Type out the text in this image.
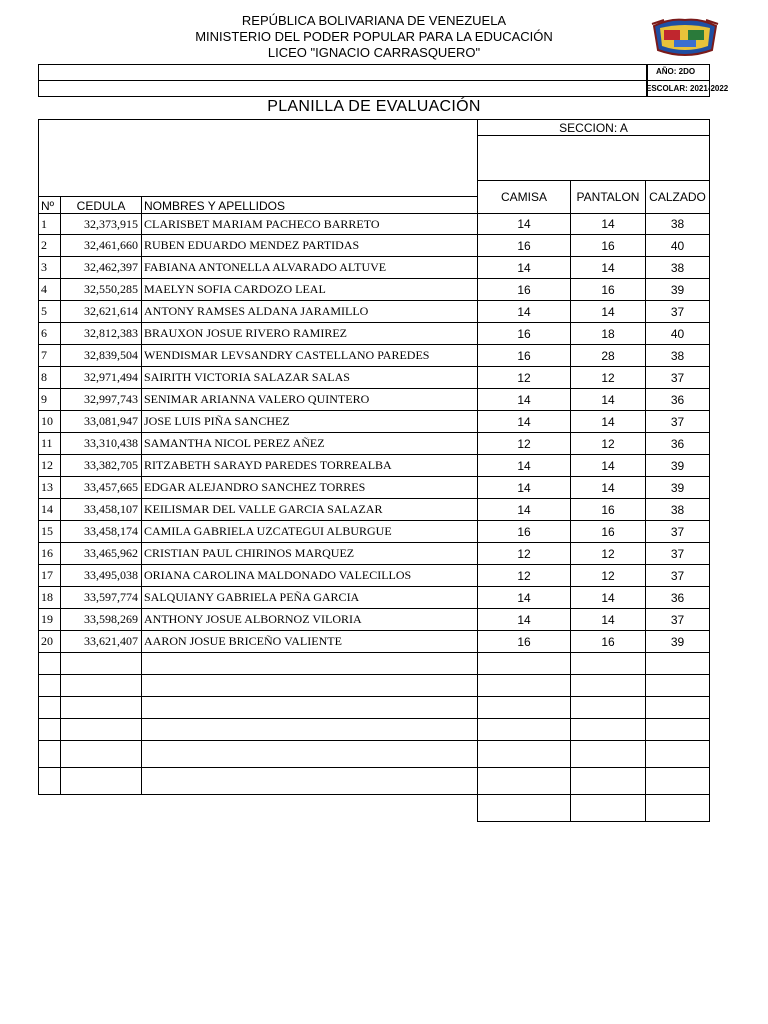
REPÚBLICA BOLIVARIANA DE VENEZUELA
MINISTERIO DEL PODER POPULAR PARA LA EDUCACIÓN
LICEO "IGNACIO CARRASQUERO"
AÑO: 2DO
ESCOLAR: 2021-2022
PLANILLA DE EVALUACIÓN
			SECCION: A		

			CAMISA	PANTALON	CALZADO
Nº	CEDULA	NOMBRES Y APELLIDOS			
1	32,373,915	CLARISBET MARIAM PACHECO BARRETO	14	14	38
2	32,461,660	RUBEN EDUARDO MENDEZ PARTIDAS	16	16	40
3	32,462,397	FABIANA ANTONELLA ALVARADO ALTUVE	14	14	38
4	32,550,285	MAELYN SOFIA CARDOZO LEAL	16	16	39
5	32,621,614	ANTONY RAMSES ALDANA JARAMILLO	14	14	37
6	32,812,383	BRAUXON JOSUE RIVERO RAMIREZ	16	18	40
7	32,839,504	WENDISMAR LEVSANDRY CASTELLANO PAREDES	16	28	38
8	32,971,494	SAIRITH VICTORIA SALAZAR SALAS	12	12	37
9	32,997,743	SENIMAR ARIANNA VALERO QUINTERO	14	14	36
10	33,081,947	JOSE LUIS PIÑA SANCHEZ	14	14	37
11	33,310,438	SAMANTHA NICOL PEREZ AÑEZ	12	12	36
12	33,382,705	RITZABETH SARAYD PAREDES TORREALBA	14	14	39
13	33,457,665	EDGAR ALEJANDRO SANCHEZ TORRES	14	14	39
14	33,458,107	KEILISMAR DEL VALLE GARCIA SALAZAR	14	16	38
15	33,458,174	CAMILA GABRIELA UZCATEGUI ALBURGUE	16	16	37
16	33,465,962	CRISTIAN PAUL CHIRINOS MARQUEZ	12	12	37
17	33,495,038	ORIANA CAROLINA MALDONADO VALECILLOS	12	12	37
18	33,597,774	SALQUIANY GABRIELA PEÑA GARCIA	14	14	36
19	33,598,269	ANTHONY JOSUE ALBORNOZ VILORIA	14	14	37
20	33,621,407	AARON JOSUE BRICEÑO VALIENTE	16	16	39
